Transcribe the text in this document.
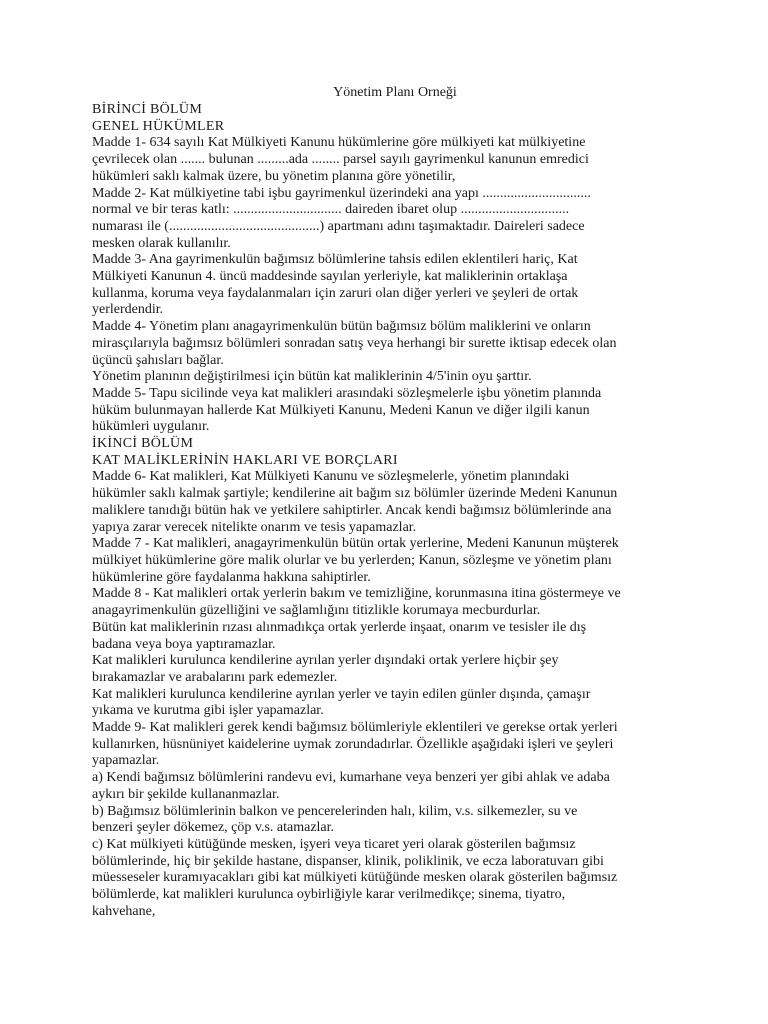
Yönetim Planı Orneği
BİRİNCİ BÖLÜM
GENEL HÜKÜMLER
Madde 1- 634 sayılı Kat Mülkiyeti Kanunu hükümlerine göre mülkiyeti kat mülkiyetine
çevrilecek olan ....... bulunan .........ada ........ parsel sayılı gayrimenkul kanunun emredici
hükümleri saklı kalmak üzere, bu yönetim planına göre yönetilir,
Madde 2- Kat mülkiyetine tabi işbu gayrimenkul üzerindeki ana yapı ...............................
normal ve bir teras katlı: ............................... daireden ibaret olup ...............................
numarası ile (...........................................) apartmanı adını taşımaktadır. Daireleri sadece
mesken olarak kullanılır.
Madde 3- Ana gayrimenkulün bağımsız bölümlerine tahsis edilen eklentileri hariç, Kat
Mülkiyeti Kanunun 4. üncü maddesinde sayılan yerleriyle, kat maliklerinin ortaklaşa
kullanma, koruma veya faydalanmaları için zaruri olan diğer yerleri ve şeyleri de ortak
yerlerdendir.
Madde 4- Yönetim planı anagayrimenkulün bütün bağımsız bölüm maliklerini ve onların
mirasçılarıyla bağımsız bölümleri sonradan satış veya herhangi bir surette iktisap edecek olan
üçüncü şahısları bağlar.
Yönetim planının değiştirilmesi için bütün kat maliklerinin 4/5'inin oyu şarttır.
Madde 5- Tapu sicilinde veya kat malikleri arasındaki sözleşmelerle işbu yönetim planında
hüküm bulunmayan hallerde Kat Mülkiyeti Kanunu, Medeni Kanun ve diğer ilgili kanun
hükümleri uygulanır.
İKİNCİ BÖLÜM
KAT MALİKLERİNİN HAKLARI VE BORÇLARI
Madde 6- Kat malikleri, Kat Mülkiyeti Kanunu ve sözleşmelerle, yönetim planındaki
hükümler saklı kalmak şartiyle; kendilerine ait bağım sız bölümler üzerinde Medeni Kanunun
maliklere tanıdığı bütün hak ve yetkilere sahiptirler. Ancak kendi bağımsız bölümlerinde ana
yapıya zarar verecek nitelikte onarım ve tesis yapamazlar.
Madde 7 - Kat malikleri, anagayrimenkulün bütün ortak yerlerine, Medeni Kanunun müşterek
mülkiyet hükümlerine göre malik olurlar ve bu yerlerden; Kanun, sözleşme ve yönetim planı
hükümlerine göre faydalanma hakkına sahiptirler.
Madde 8 - Kat malikleri ortak yerlerin bakım ve temizliğine, korunmasına itina göstermeye ve
anagayrimenkulün güzelliğini ve sağlamlığını titizlikle korumaya mecburdurlar.
Bütün kat maliklerinin rızası alınmadıkça ortak yerlerde inşaat, onarım ve tesisler ile dış
badana veya boya yaptıramazlar.
Kat malikleri kurulunca kendilerine ayrılan yerler dışındaki ortak yerlere hiçbir şey
bırakamazlar ve arabalarını park edemezler.
Kat malikleri kurulunca kendilerine ayrılan yerler ve tayin edilen günler dışında, çamaşır
yıkama ve kurutma gibi işler yapamazlar.
Madde 9- Kat malikleri gerek kendi bağımsız bölümleriyle eklentileri ve gerekse ortak yerleri
kullanırken, hüsnüniyet kaidelerine uymak zorundadırlar. Özellikle aşağıdaki işleri ve şeyleri
yapamazlar.
a) Kendi bağımsız bölümlerini randevu evi, kumarhane veya benzeri yer gibi ahlak ve adaba
aykırı bir şekilde kullananmazlar.
b) Bağımsız bölümlerinin balkon ve pencerelerinden halı, kilim, v.s. silkemezler, su ve
benzeri şeyler dökemez, çöp v.s. atamazlar.
c) Kat mülkiyeti kütüğünde mesken, işyeri veya ticaret yeri olarak gösterilen bağımsız
bölümlerinde, hiç bir şekilde hastane, dispanser, klinik, poliklinik, ve ecza laboratuvarı gibi
müesseseler kuramıyacakları gibi kat mülkiyeti kütüğünde mesken olarak gösterilen bağımsız
bölümlerde, kat malikleri kurulunca oybirliğiyle karar verilmedikçe; sinema, tiyatro,
kahvehane,
